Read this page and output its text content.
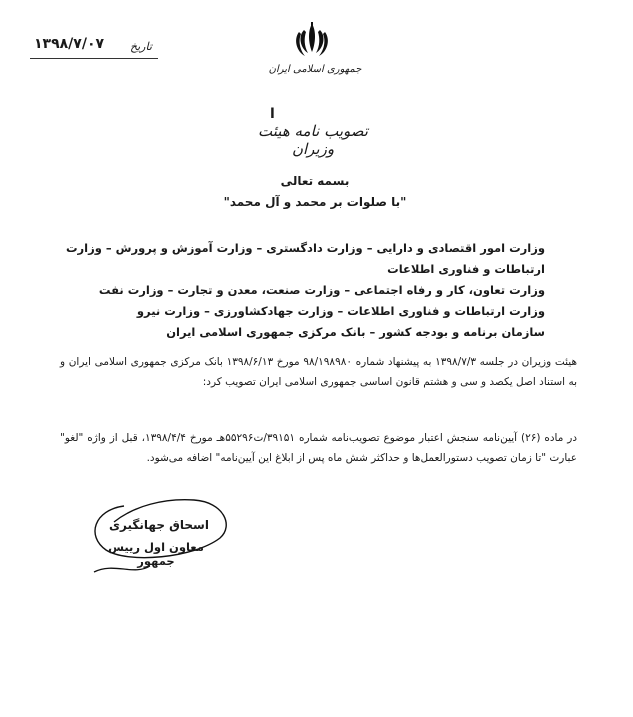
جمهوری اسلامی ایران
تاریخ
۱۳۹۸/۷/۰۷
ا
تصویب نامه هیئت وزیران
بسمه تعالی
"با صلوات بر محمد و آل محمد"
وزارت امور اقتصادی و دارایی – وزارت دادگستری – وزارت آموزش و پرورش – وزارت ارتباطات و فناوری اطلاعات
وزارت تعاون، کار و رفاه اجتماعی – وزارت صنعت، معدن و تجارت – وزارت نفت
وزارت ارتباطات و فناوری اطلاعات – وزارت جهادکشاورزی – وزارت نیرو
سازمان برنامه و بودجه کشور – بانک مرکزی جمهوری اسلامی ایران
هیئت وزیران در جلسه ۱۳۹۸/۷/۳ به پیشنهاد شماره ۹۸/۱۹۸۹۸۰ مورخ ۱۳۹۸/۶/۱۳ بانک مرکزی جمهوری اسلامی ایران و به استناد اصل یکصد و سی و هشتم قانون اساسی جمهوری اسلامی ایران تصویب کرد:
در ماده (۲۶) آیین‌نامه سنجش اعتبار موضوع تصویب‌نامه شماره ۳۹۱۵۱/ت۵۵۲۹۶هـ مورخ ۱۳۹۸/۴/۴، قبل از واژه "لغو" عبارت "تا زمان تصویب دستورالعمل‌ها و حداکثر شش ماه پس از ابلاغ این آیین‌نامه" اضافه می‌شود.
اسحاق جهانگیری
معاون اول رییس جمهور
